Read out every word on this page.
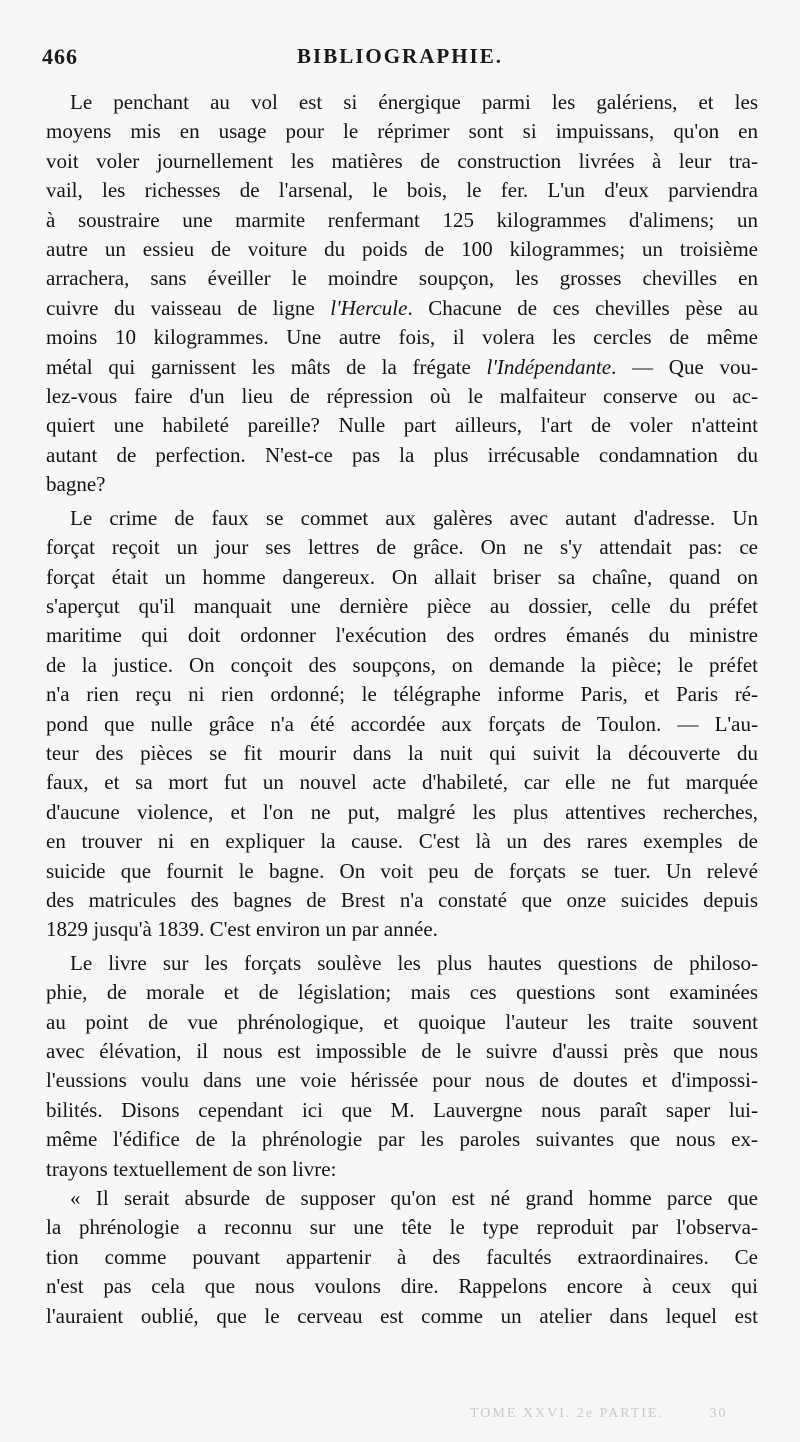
466	BIBLIOGRAPHIE.
Le penchant au vol est si énergique parmi les galériens, et les
moyens mis en usage pour le réprimer sont si impuissans, qu'on en
voit voler journellement les matières de construction livrées à leur tra-
vail, les richesses de l'arsenal, le bois, le fer. L'un d'eux parviendra
à soustraire une marmite renfermant 125 kilogrammes d'alimens; un
autre un essieu de voiture du poids de 100 kilogrammes; un troisième
arrachera, sans éveiller le moindre soupçon, les grosses chevilles en
cuivre du vaisseau de ligne l'Hercule. Chacune de ces chevilles pèse au
moins 10 kilogrammes. Une autre fois, il volera les cercles de même
métal qui garnissent les mâts de la frégate l'Indépendante. — Que vou-
lez-vous faire d'un lieu de répression où le malfaiteur conserve ou ac-
quiert une habileté pareille? Nulle part ailleurs, l'art de voler n'atteint
autant de perfection. N'est-ce pas la plus irrécusable condamnation du
bagne?
Le crime de faux se commet aux galères avec autant d'adresse. Un
forçat reçoit un jour ses lettres de grâce. On ne s'y attendait pas: ce
forçat était un homme dangereux. On allait briser sa chaîne, quand on
s'aperçut qu'il manquait une dernière pièce au dossier, celle du préfet
maritime qui doit ordonner l'exécution des ordres émanés du ministre
de la justice. On conçoit des soupçons, on demande la pièce; le préfet
n'a rien reçu ni rien ordonné; le télégraphe informe Paris, et Paris ré-
pond que nulle grâce n'a été accordée aux forçats de Toulon. — L'au-
teur des pièces se fit mourir dans la nuit qui suivit la découverte du
faux, et sa mort fut un nouvel acte d'habileté, car elle ne fut marquée
d'aucune violence, et l'on ne put, malgré les plus attentives recherches,
en trouver ni en expliquer la cause. C'est là un des rares exemples de
suicide que fournit le bagne. On voit peu de forçats se tuer. Un relevé
des matricules des bagnes de Brest n'a constaté que onze suicides depuis
1829 jusqu'à 1839. C'est environ un par année.
Le livre sur les forçats soulève les plus hautes questions de philoso-
phie, de morale et de législation; mais ces questions sont examinées
au point de vue phrénologique, et quoique l'auteur les traite souvent
avec élévation, il nous est impossible de le suivre d'aussi près que nous
l'eussions voulu dans une voie hérissée pour nous de doutes et d'impossi-
bilités. Disons cependant ici que M. Lauvergne nous paraît saper lui-
même l'édifice de la phrénologie par les paroles suivantes que nous ex-
trayons textuellement de son livre:
« Il serait absurde de supposer qu'on est né grand homme parce que
la phrénologie a reconnu sur une tête le type reproduit par l'observa-
tion comme pouvant appartenir à des facultés extraordinaires. Ce
n'est pas cela que nous voulons dire. Rappelons encore à ceux qui
l'auraient oublié, que le cerveau est comme un atelier dans lequel est
TOME XXVI. 2e PARTIE.	30
